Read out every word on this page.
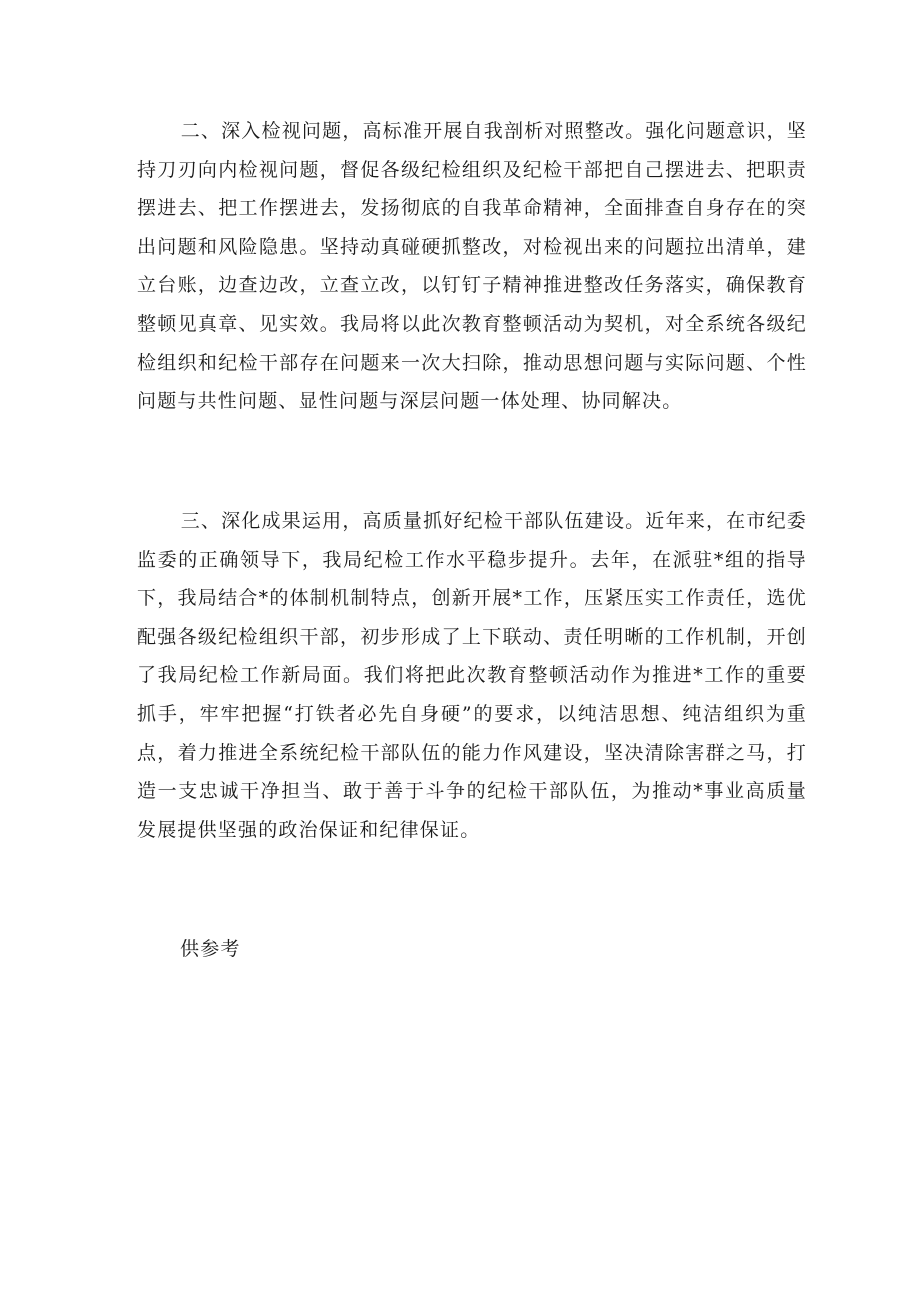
二、深入检视问题，高标准开展自我剖析对照整改。强化问题意识，坚持刀刃向内检视问题，督促各级纪检组织及纪检干部把自己摆进去、把职责摆进去、把工作摆进去，发扬彻底的自我革命精神，全面排查自身存在的突出问题和风险隐患。坚持动真碰硬抓整改，对检视出来的问题拉出清单，建立台账，边查边改，立查立改，以钉钉子精神推进整改任务落实，确保教育整顿见真章、见实效。我局将以此次教育整顿活动为契机，对全系统各级纪检组织和纪检干部存在问题来一次大扫除，推动思想问题与实际问题、个性问题与共性问题、显性问题与深层问题一体处理、协同解决。

三、深化成果运用，高质量抓好纪检干部队伍建设。近年来，在市纪委监委的正确领导下，我局纪检工作水平稳步提升。去年，在派驻*组的指导下，我局结合*的体制机制特点，创新开展*工作，压紧压实工作责任，选优配强各级纪检组织干部，初步形成了上下联动、责任明晰的工作机制，开创了我局纪检工作新局面。我们将把此次教育整顿活动作为推进*工作的重要抓手，牢牢把握“打铁者必先自身硬”的要求，以纯洁思想、纯洁组织为重点，着力推进全系统纪检干部队伍的能力作风建设，坚决清除害群之马，打造一支忠诚干净担当、敢于善于斗争的纪检干部队伍，为推动*事业高质量发展提供坚强的政治保证和纪律保证。

供参考
